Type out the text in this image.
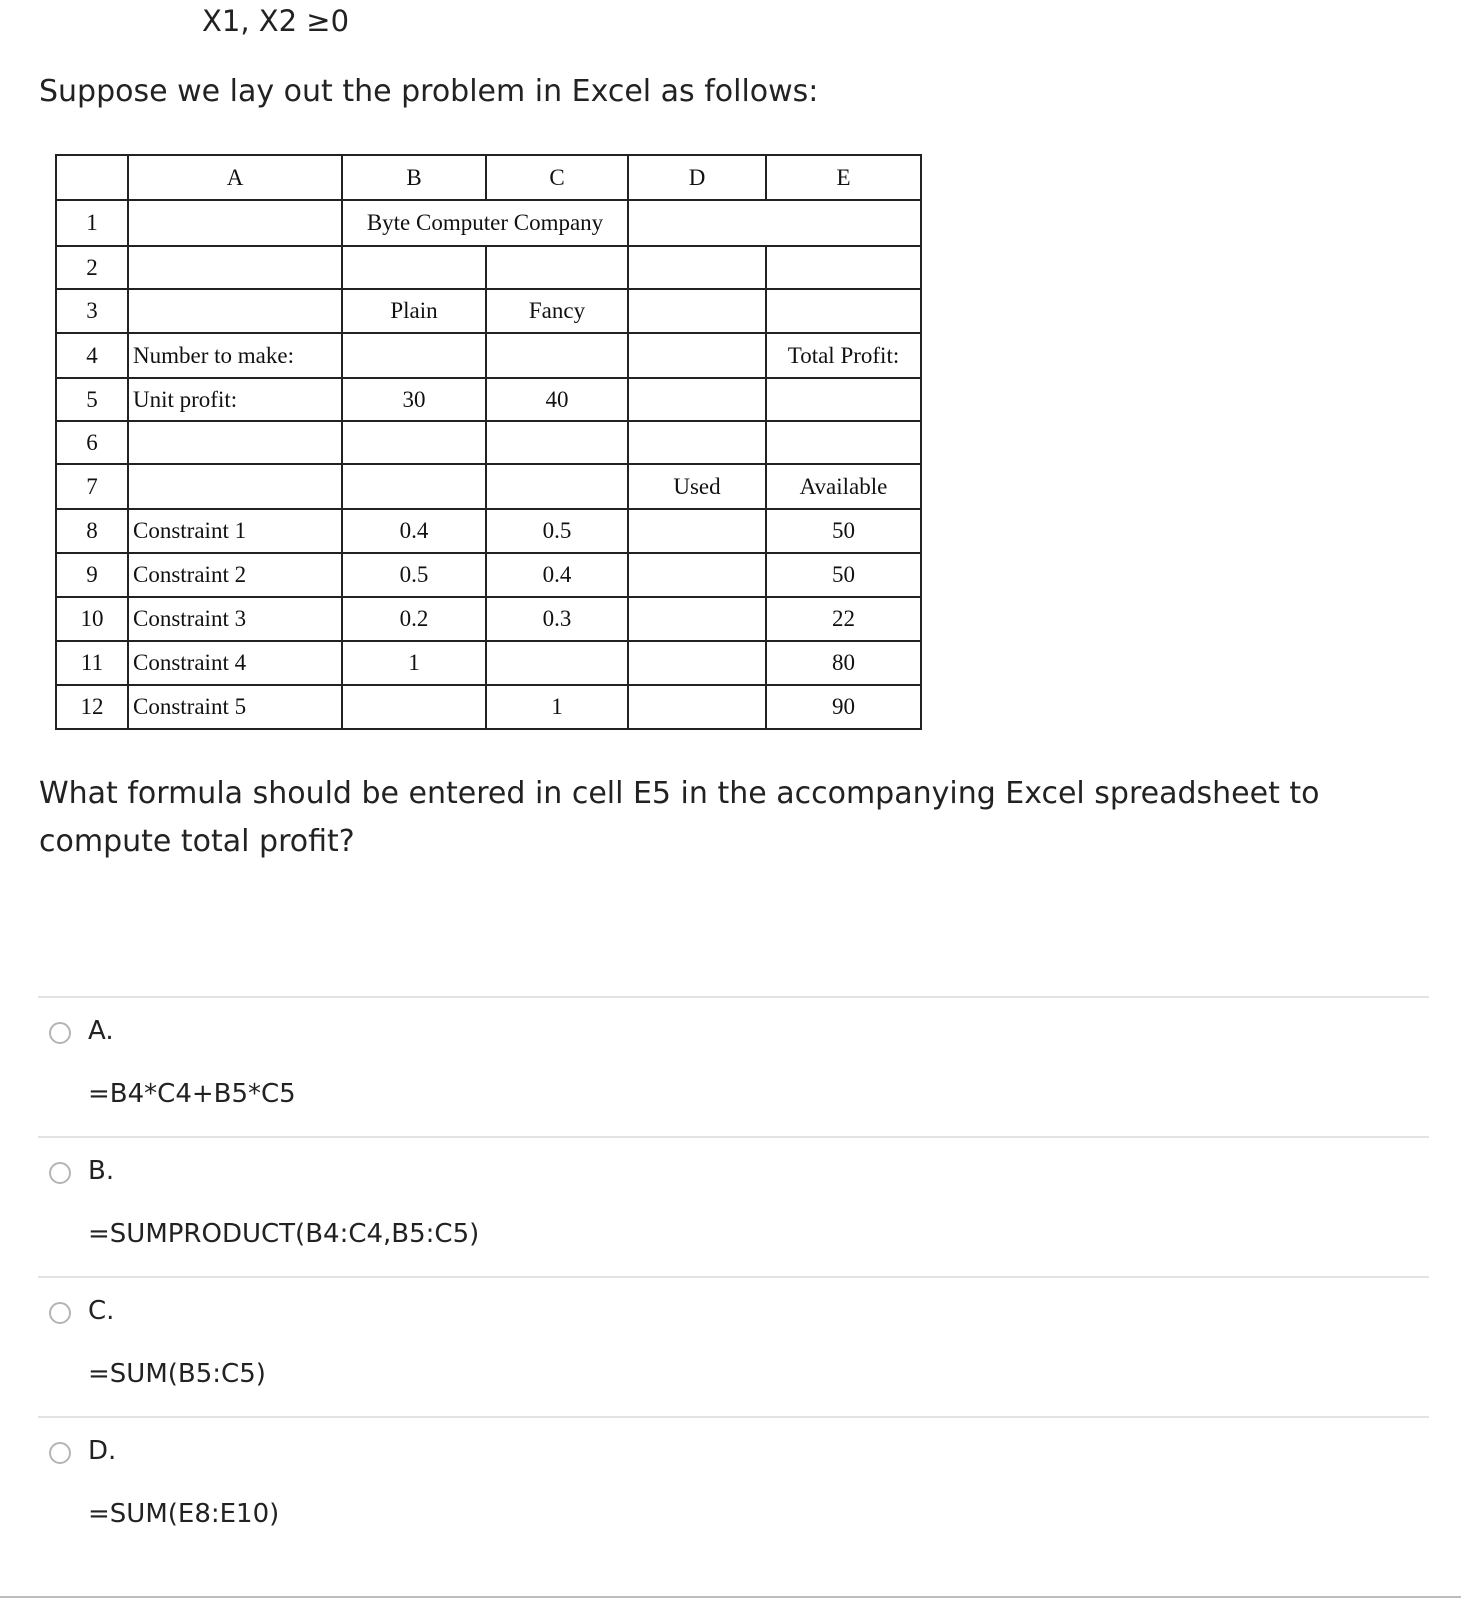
X1, X2 ≥0
Suppose we lay out the problem in Excel as follows:
	A	B	C	D	E
1		Byte Computer Company			
2					
3		Plain	Fancy		
4	Number to make:				Total Profit:
5	Unit profit:	30	40		
6					
7				Used	Available
8	Constraint 1	0.4	0.5		50
9	Constraint 2	0.5	0.4		50
10	Constraint 3	0.2	0.3		22
11	Constraint 4	1			80
12	Constraint 5		1		90
What formula should be entered in cell E5 in the accompanying Excel spreadsheet to compute total profit?
A.
=B4*C4+B5*C5
B.
=SUMPRODUCT(B4:C4,B5:C5)
C.
=SUM(B5:C5)
D.
=SUM(E8:E10)
